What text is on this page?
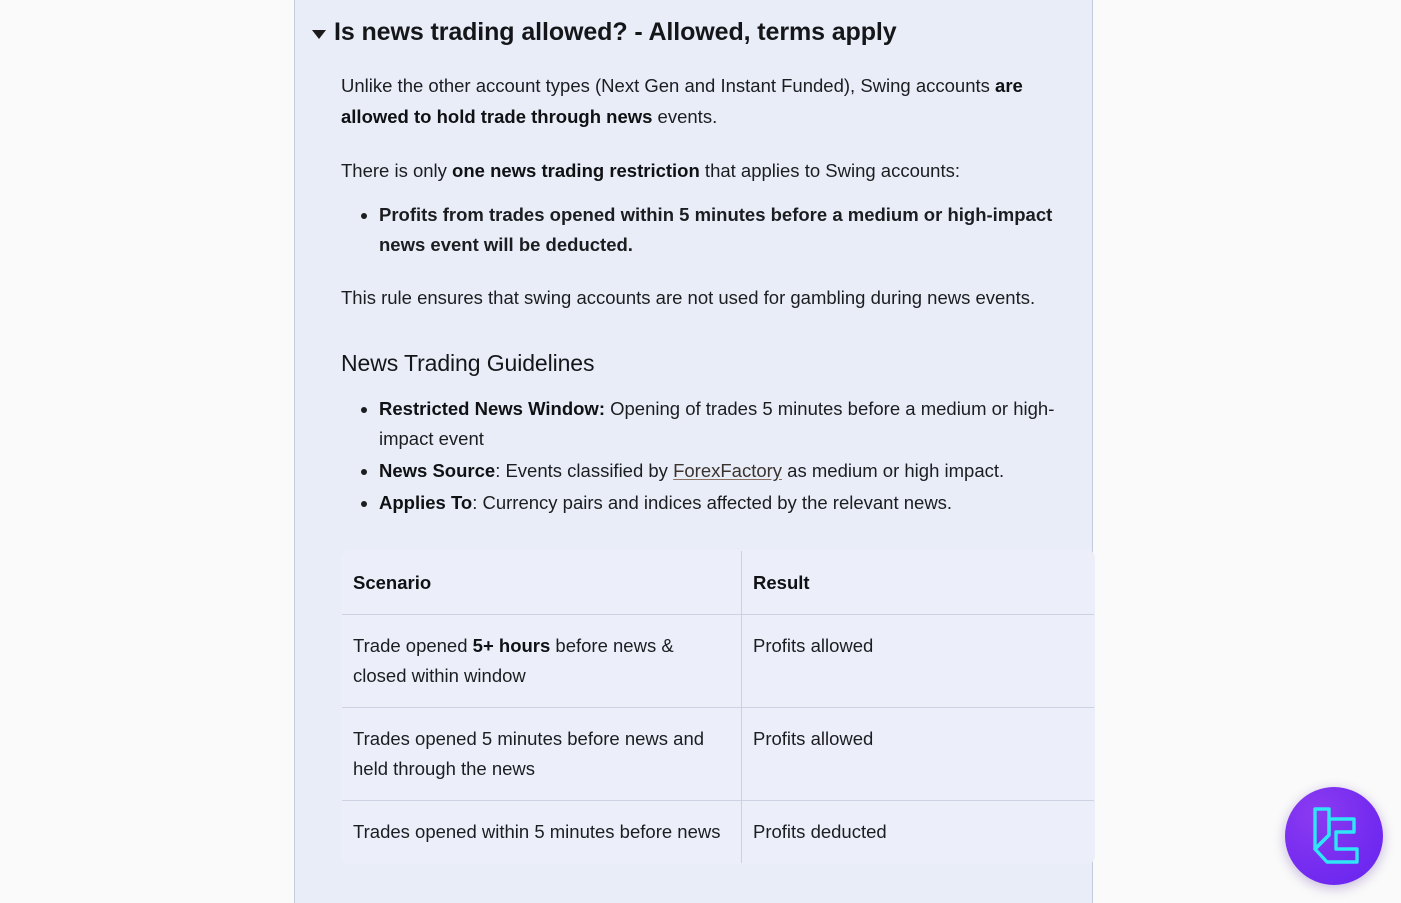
Is news trading allowed? - Allowed, terms apply

Unlike the other account types (Next Gen and Instant Funded), Swing accounts are allowed to hold trade through news events.

There is only one news trading restriction that applies to Swing accounts:

• Profits from trades opened within 5 minutes before a medium or high-impact news event will be deducted.

This rule ensures that swing accounts are not used for gambling during news events.

News Trading Guidelines
• Restricted News Window: Opening of trades 5 minutes before a medium or high-impact event
• News Source: Events classified by ForexFactory as medium or high impact.
• Applies To: Currency pairs and indices affected by the relevant news.
Scenario	Result
Trade opened 5+ hours before news & closed within window	Profits allowed
Trades opened 5 minutes before news and held through the news	Profits allowed
Trades opened within 5 minutes before news	Profits deducted
